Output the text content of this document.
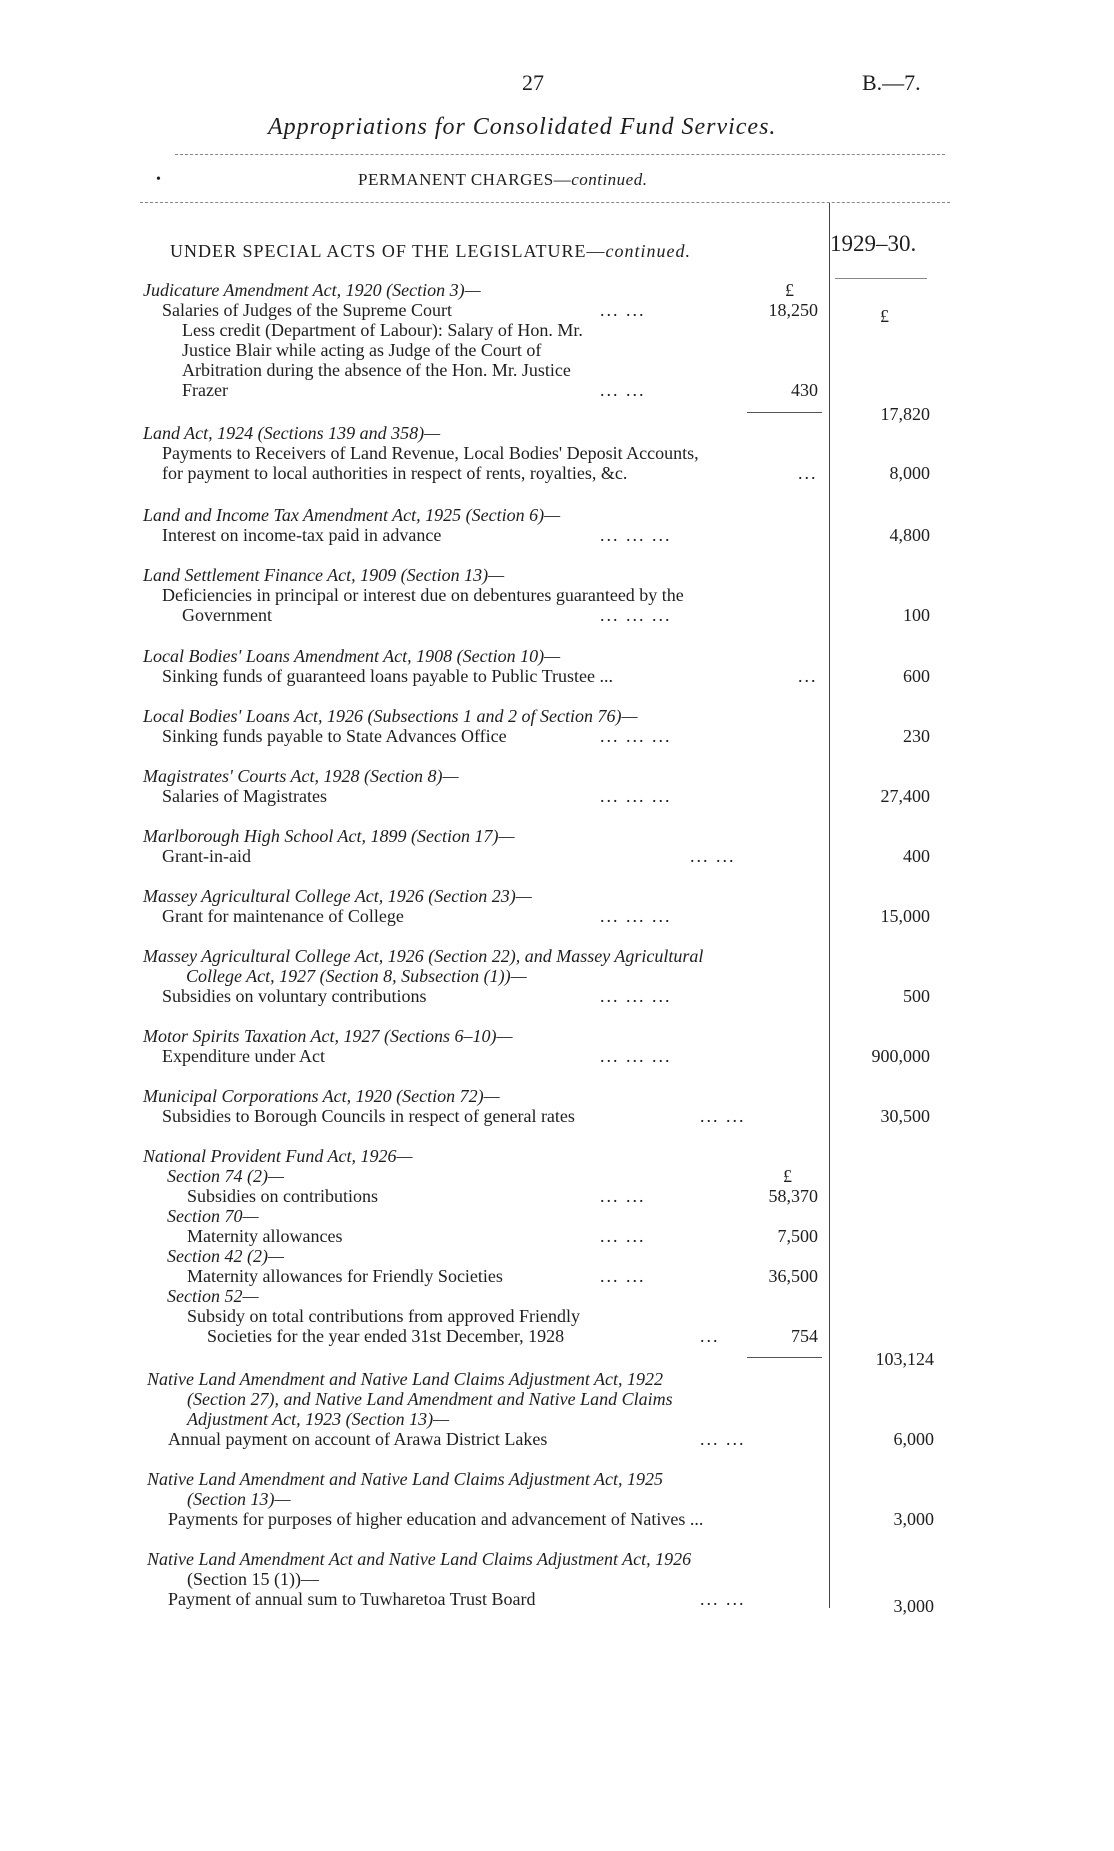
27	B.—7.
Appropriations for Consolidated Fund Services.
PERMANENT CHARGES—continued.
•
UNDER SPECIAL ACTS OF THE LEGISLATURE—continued.	1929–30.
Judicature Amendment Act, 1920 (Section 3)—	£
Salaries of Judges of the Supreme Court	... ...	18,250	£
Less credit (Department of Labour): Salary of Hon. Mr.
Justice Blair while acting as Judge of the Court of
Arbitration during the absence of the Hon. Mr. Justice
Frazer	... ...	430
17,820
Land Act, 1924 (Sections 139 and 358)—
Payments to Receivers of Land Revenue, Local Bodies' Deposit Accounts,
for payment to local authorities in respect of rents, royalties, &c.	...	8,000
Land and Income Tax Amendment Act, 1925 (Section 6)—
Interest on income-tax paid in advance	... ... ...	4,800
Land Settlement Finance Act, 1909 (Section 13)—
Deficiencies in principal or interest due on debentures guaranteed by the
Government	... ... ...	100
Local Bodies' Loans Amendment Act, 1908 (Section 10)—
Sinking funds of guaranteed loans payable to Public Trustee ...	...	600
Local Bodies' Loans Act, 1926 (Subsections 1 and 2 of Section 76)—
Sinking funds payable to State Advances Office	... ... ...	230
Magistrates' Courts Act, 1928 (Section 8)—
Salaries of Magistrates	... ... ...	27,400
Marlborough High School Act, 1899 (Section 17)—
Grant-in-aid	... ...	400
Massey Agricultural College Act, 1926 (Section 23)—
Grant for maintenance of College	... ... ...	15,000
Massey Agricultural College Act, 1926 (Section 22), and Massey Agricultural
College Act, 1927 (Section 8, Subsection (1))—
Subsidies on voluntary contributions	... ... ...	500
Motor Spirits Taxation Act, 1927 (Sections 6–10)—
Expenditure under Act	... ... ...	900,000
Municipal Corporations Act, 1920 (Section 72)—
Subsidies to Borough Councils in respect of general rates	... ...	30,500
National Provident Fund Act, 1926—
Section 74 (2)—	£
Subsidies on contributions	... ...	58,370
Section 70—
Maternity allowances	... ...	7,500
Section 42 (2)—
Maternity allowances for Friendly Societies	... ...	36,500
Section 52—
Subsidy on total contributions from approved Friendly
Societies for the year ended 31st December, 1928	...	754
103,124
Native Land Amendment and Native Land Claims Adjustment Act, 1922
(Section 27), and Native Land Amendment and Native Land Claims
Adjustment Act, 1923 (Section 13)—
Annual payment on account of Arawa District Lakes	... ...	6,000
Native Land Amendment and Native Land Claims Adjustment Act, 1925
(Section 13)—
Payments for purposes of higher education and advancement of Natives ...	3,000
Native Land Amendment Act and Native Land Claims Adjustment Act, 1926
(Section 15 (1))—
Payment of annual sum to Tuwharetoa Trust Board	... ...	3,000
